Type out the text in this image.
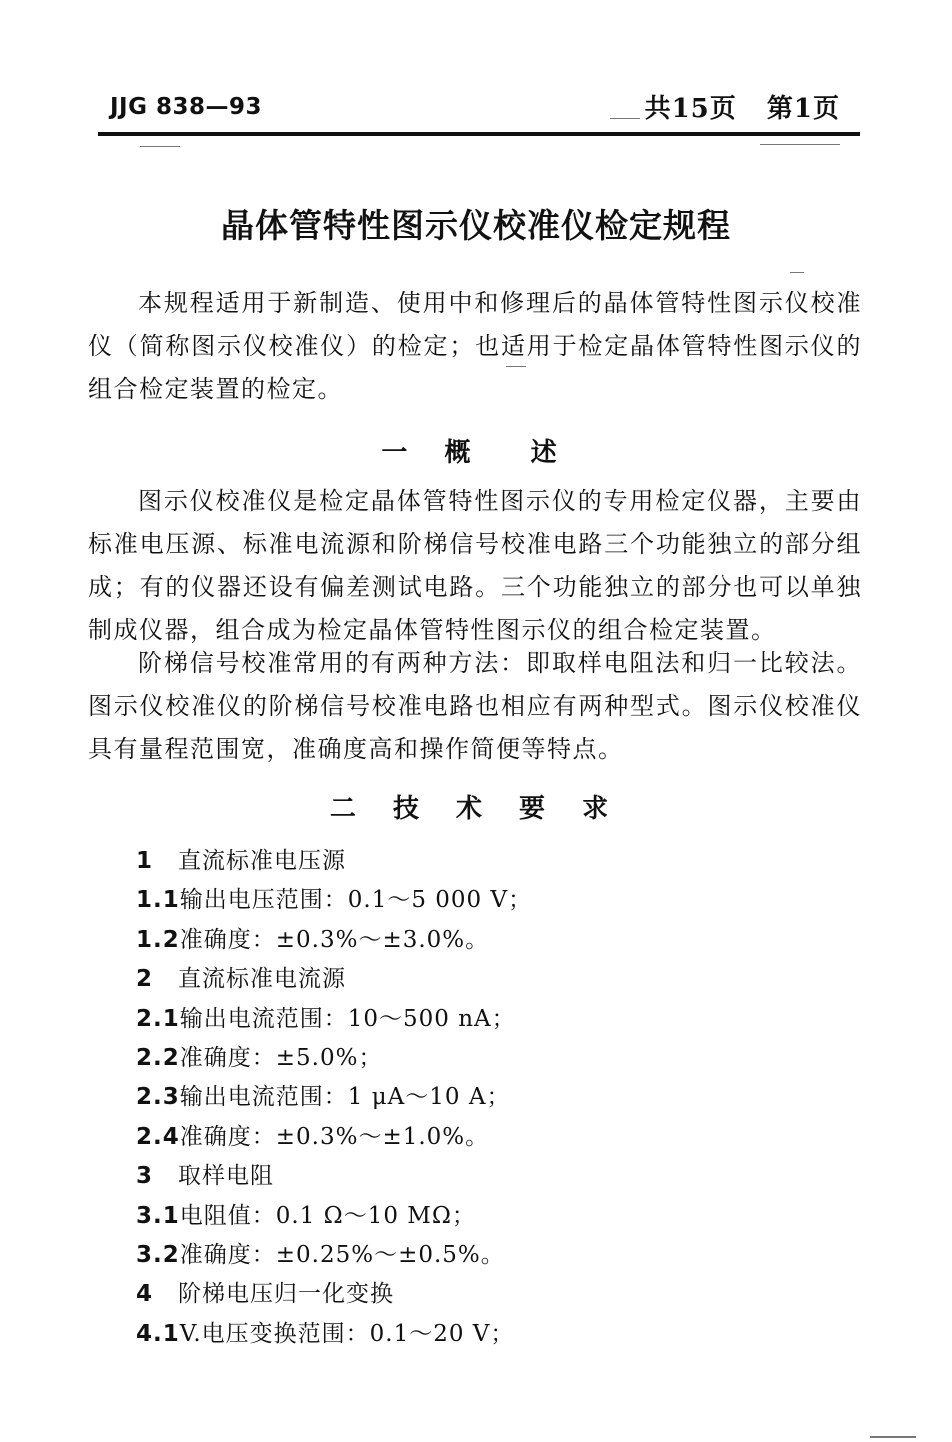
JJG 838—93	共15页   第1页
晶体管特性图示仪校准仪检定规程
本规程适用于新制造、使用中和修理后的晶体管特性图示仪校准仪（简称图示仪校准仪）的检定；也适用于检定晶体管特性图示仪的组合检定装置的检定。
一 概  述
图示仪校准仪是检定晶体管特性图示仪的专用检定仪器，主要由标准电压源、标准电流源和阶梯信号校准电路三个功能独立的部分组成；有的仪器还设有偏差测试电路。三个功能独立的部分也可以单独制成仪器，组合成为检定晶体管特性图示仪的组合检定装置。
阶梯信号校准常用的有两种方法：即取样电阻法和归一比较法。图示仪校准仪的阶梯信号校准电路也相应有两种型式。图示仪校准仪具有量程范围宽，准确度高和操作简便等特点。
二 技 术 要 求
1 直流标准电压源
1.1输出电压范围：0.1～5 000 V；
1.2准确度：±0.3%～±3.0%。
2 直流标准电流源
2.1输出电流范围：10～500 nA；
2.2准确度：±5.0%；
2.3输出电流范围：1 μA～10 A；
2.4准确度：±0.3%～±1.0%。
3 取样电阻
3.1电阻值：0.1 Ω～10 MΩ；
3.2准确度：±0.25%～±0.5%。
4 阶梯电压归一化变换
4.1V.电压变换范围：0.1～20 V；
